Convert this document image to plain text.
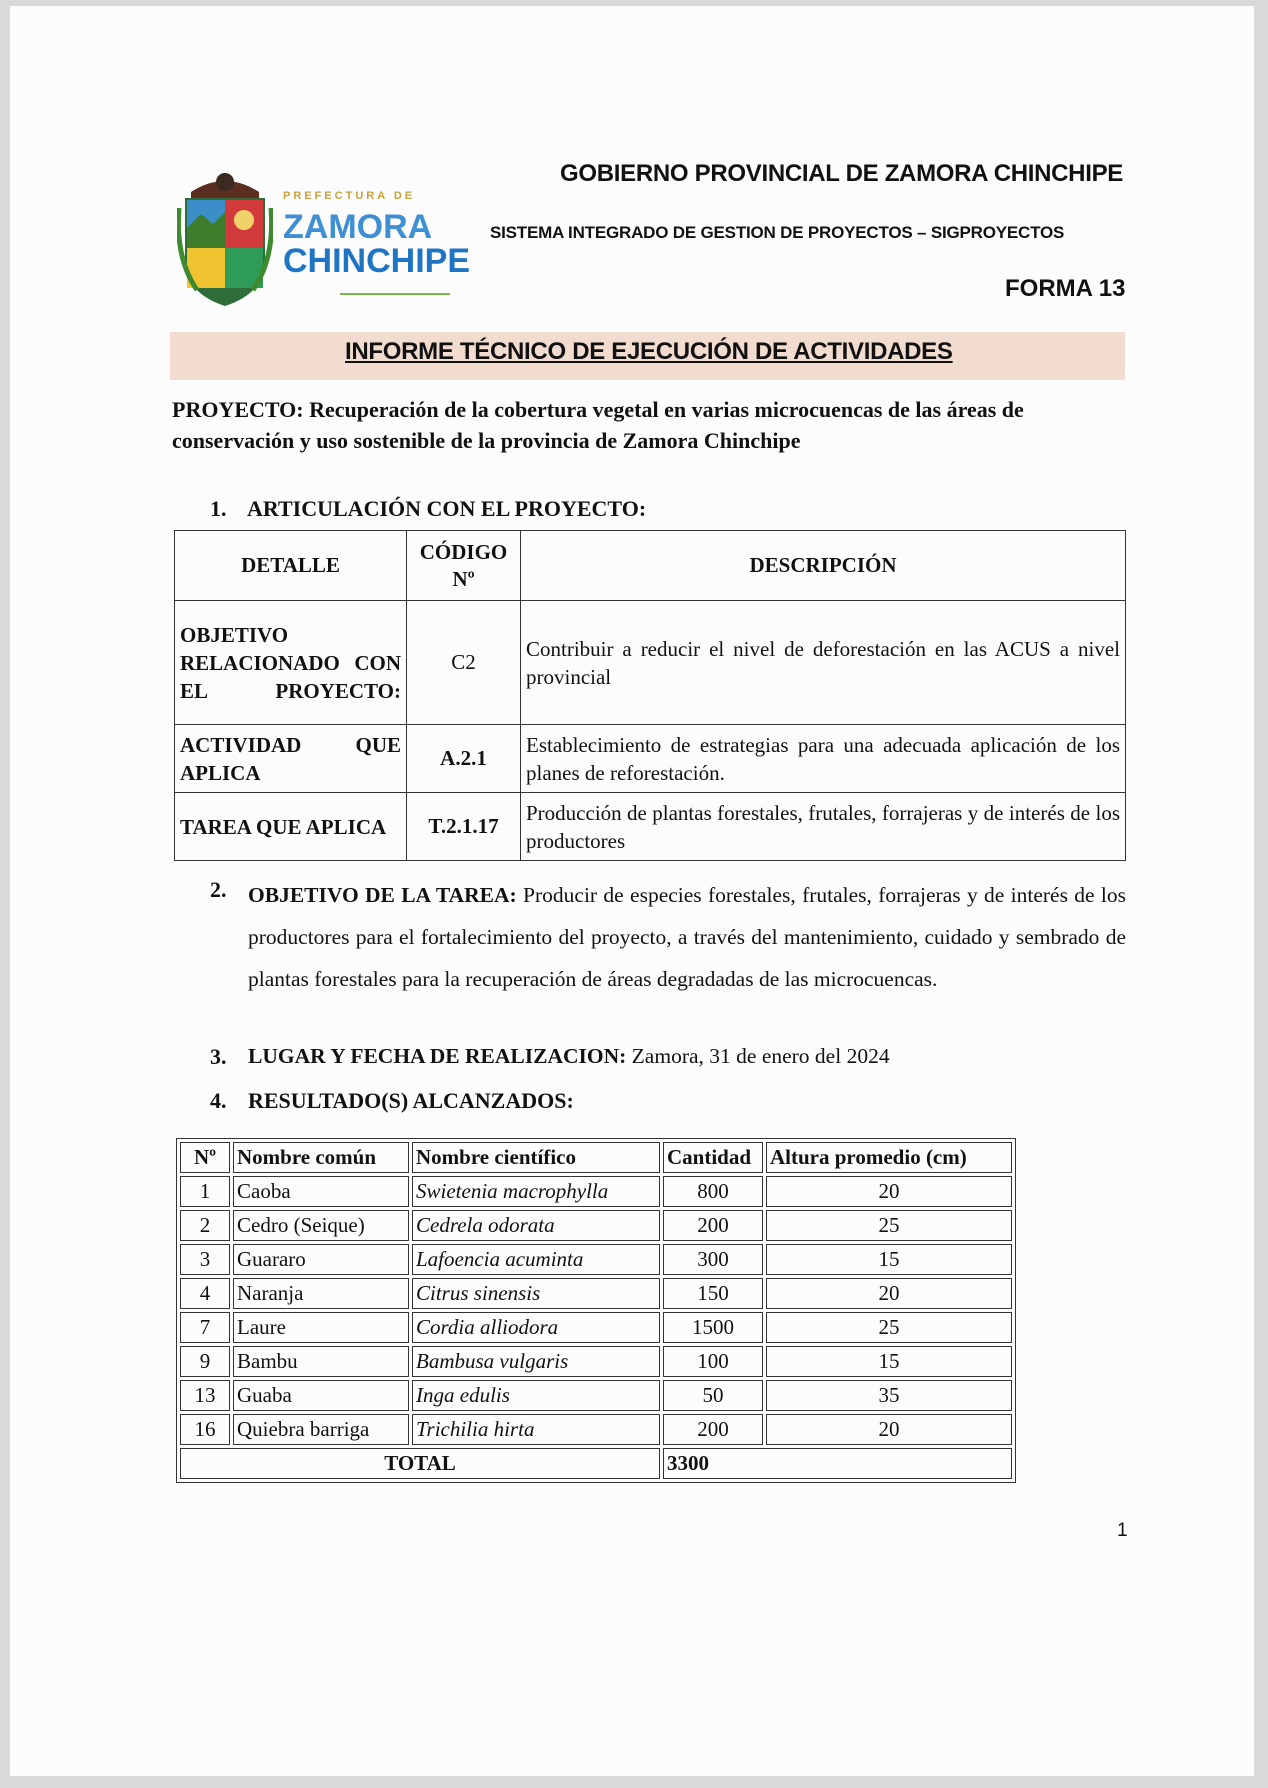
PREFECTURA DE
ZAMORA
CHINCHIPE
GOBIERNO PROVINCIAL DE ZAMORA CHINCHIPE
SISTEMA INTEGRADO DE GESTION DE PROYECTOS – SIGPROYECTOS
FORMA 13
INFORME TÉCNICO DE EJECUCIÓN DE ACTIVIDADES
PROYECTO: Recuperación de la cobertura vegetal en varias microcuencas de las áreas de conservación y uso sostenible de la provincia de Zamora Chinchipe
1. ARTICULACIÓN CON EL PROYECTO:
DETALLE	CÓDIGO Nº	DESCRIPCIÓN
OBJETIVO RELACIONADO CON EL PROYECTO:	C2	Contribuir a reducir el nivel de deforestación en las ACUS a nivel provincial
ACTIVIDAD QUE APLICA	A.2.1	Establecimiento de estrategias para una adecuada aplicación de los planes de reforestación.
TAREA QUE APLICA	T.2.1.17	Producción de plantas forestales, frutales, forrajeras y de interés de los productores
2. OBJETIVO DE LA TAREA: Producir de especies forestales, frutales, forrajeras y de interés de los productores para el fortalecimiento del proyecto, a través del mantenimiento, cuidado y sembrado de plantas forestales para la recuperación de áreas degradadas de las microcuencas.
3. LUGAR Y FECHA DE REALIZACION: Zamora, 31 de enero del 2024
4. RESULTADO(S) ALCANZADOS:
Nº	Nombre común	Nombre científico	Cantidad	Altura promedio (cm)
1	Caoba	Swietenia macrophylla	800	20
2	Cedro (Seique)	Cedrela odorata	200	25
3	Guararo	Lafoencia acuminta	300	15
4	Naranja	Citrus sinensis	150	20
7	Laure	Cordia alliodora	1500	25
9	Bambu	Bambusa vulgaris	100	15
13	Guaba	Inga edulis	50	35
16	Quiebra barriga	Trichilia hirta	200	20
TOTAL			3300	
1
